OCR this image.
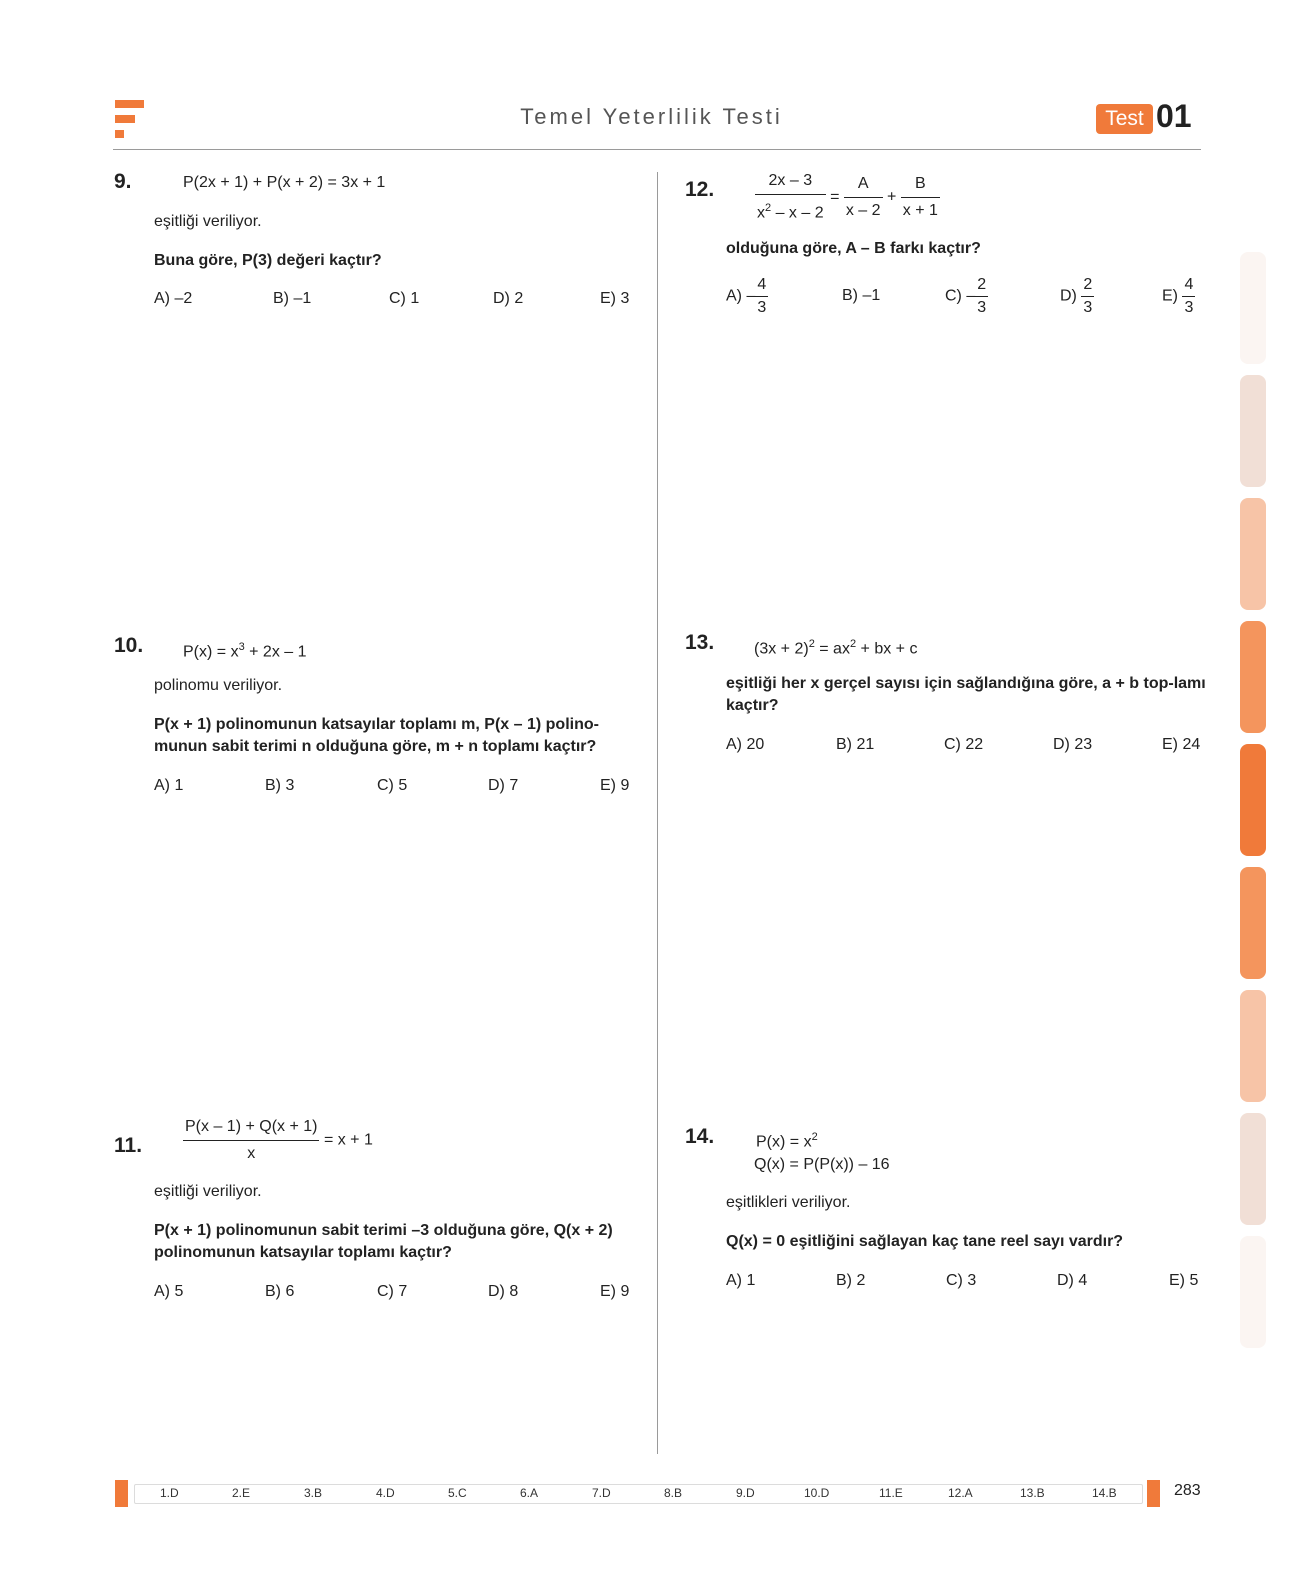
Temel Yeterlilik Testi	Test 01
9.	P(2x + 1) + P(x + 2) = 3x + 1
eşitliği veriliyor.
Buna göre, P(3) değeri kaçtır?
A) –2	B) –1	C) 1	D) 2	E) 3
10. $P(x) = x^3 + 2x - 1$
polinomu veriliyor.
P(x + 1) polinomunun katsayılar toplamı m, P(x – 1) polino-munun sabit terimi n olduğuna göre, m + n toplamı kaçtır?
A) 1	B) 3	C) 5	D) 7	E) 9
11.	$\frac{P(x - 1) + Q(x + 1)}{x} = x + 1$
eşitliği veriliyor.
P(x + 1) polinomunun sabit terimi –3 olduğuna göre, Q(x + 2) polinomunun katsayılar toplamı kaçtır?
A) 5	B) 6	C) 7	D) 8	E) 9
12.	$\frac{2x - 3}{x^2 - x - 2} = \frac{A}{x - 2} + \frac{B}{x + 1}$
olduğuna göre, A – B farkı kaçtır?
$A) - \frac{4}{3}$	B) –1	$C) - \frac{2}{3}$	$D) \frac{2}{3}$	$E) \frac{4}{3}$
13. $(3x + 2)^2 = ax^2$ + bx + c
eşitliği her x gerçel sayısı için sağlandığına göre, a + b top-lamı kaçtır?
A) 20	B) 21	C) 22	D) 23	E) 24
14.	$P(x) = x^2$
Q(x) = P(P(x)) – 16
eşitlikleri veriliyor.
Q(x) = 0 eşitliğini sağlayan kaç tane reel sayı vardır?
A) 1	B) 2	C) 3	D) 4	E) 5
1.D	2.E	3.B	4.D	5.C	6.A	7.D	8.B	9.D	10.D	11.E	12.A	13.B	14.B	283
